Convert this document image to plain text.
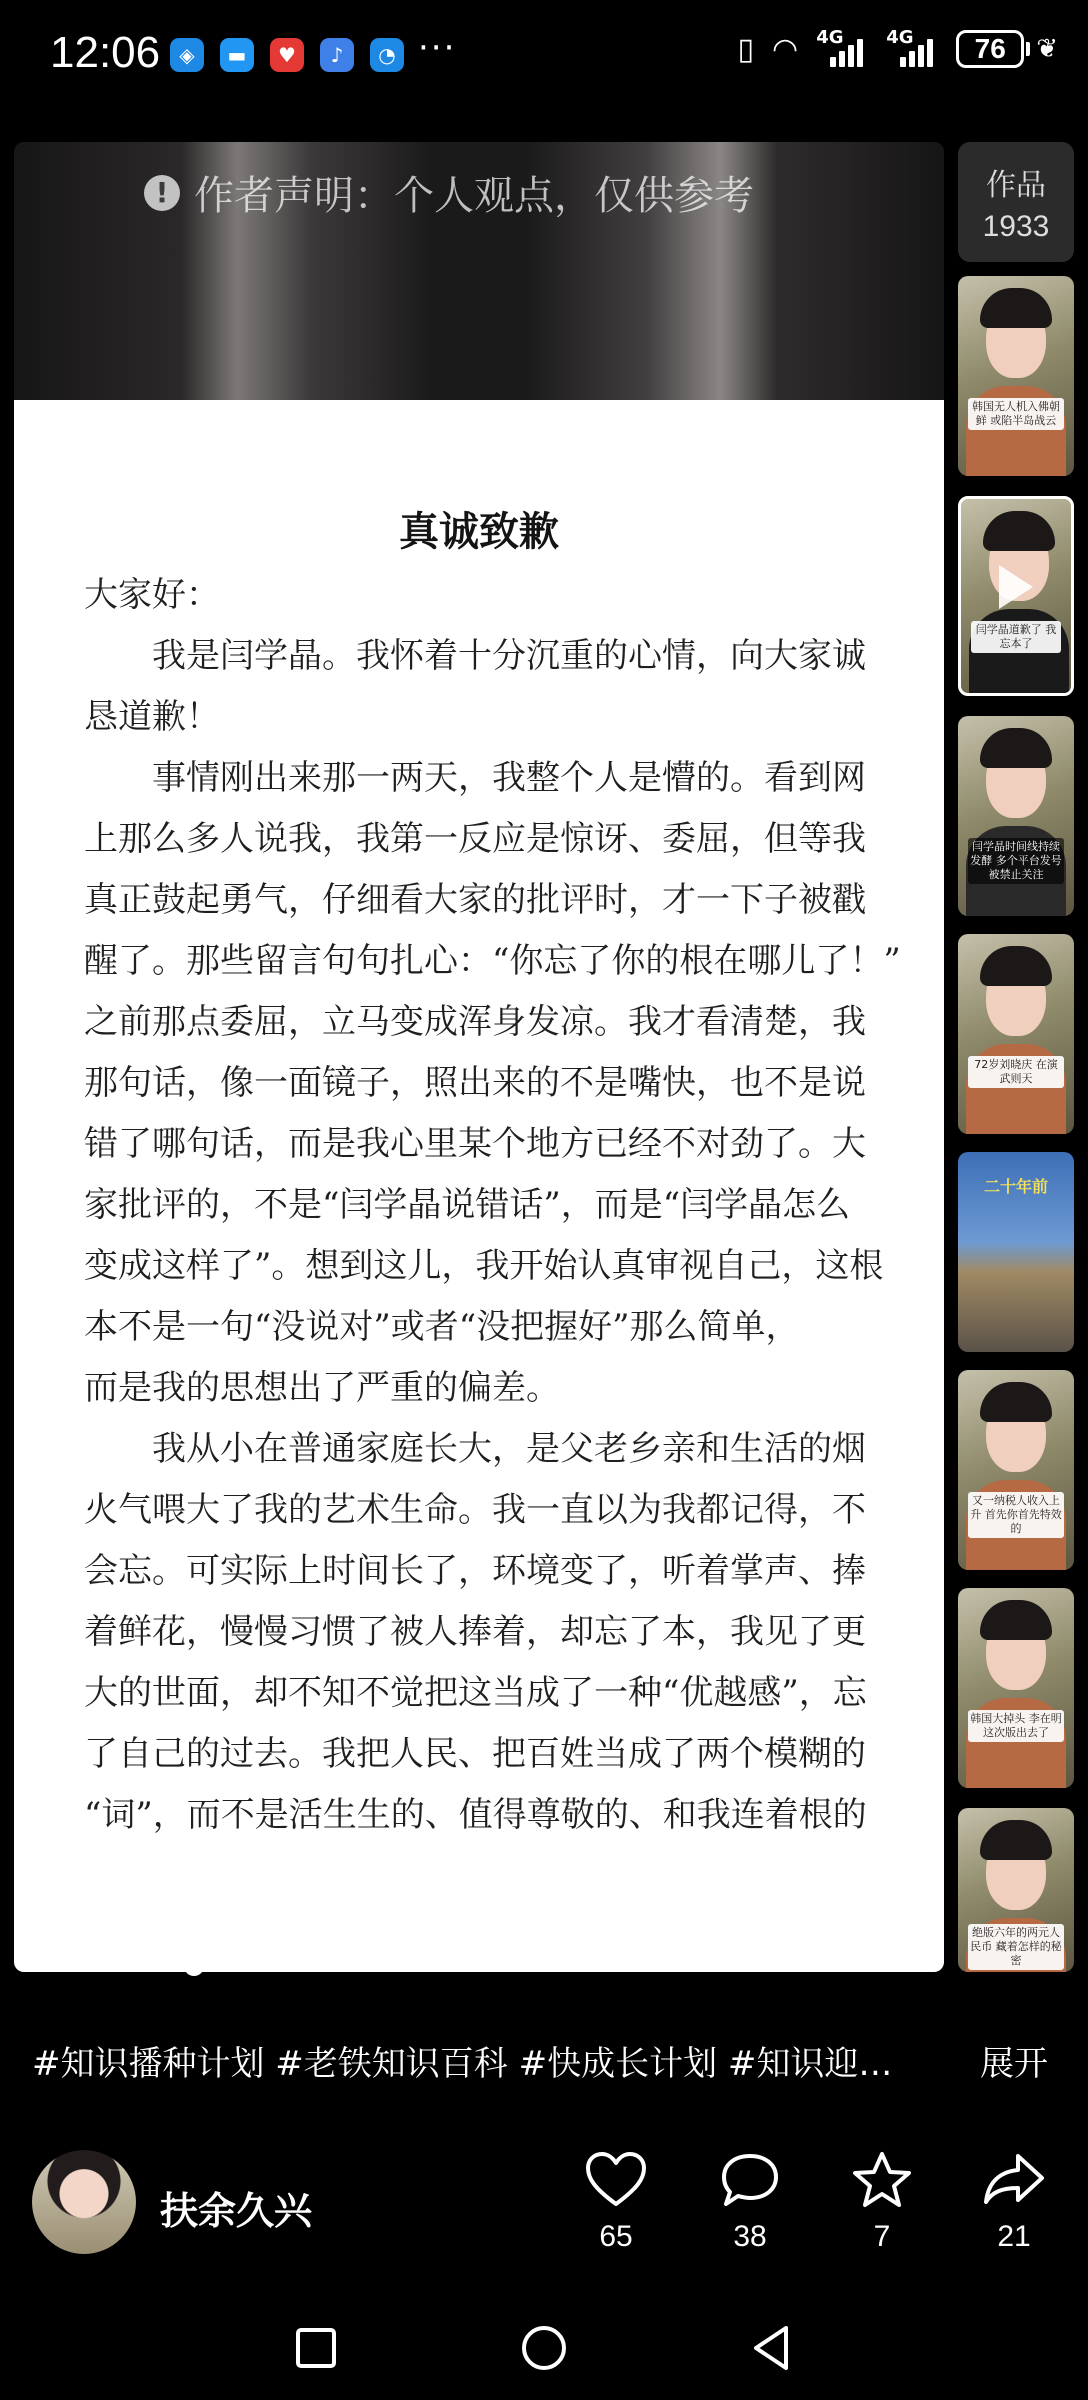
12:06 ◈	▬	♥	♪	◔ ···	▯ ◠ 4G 4G	76	❦
! 作者声明：个人观点，仅供参考
真诚致歉
大家好：
　　我是闫学晶。我怀着十分沉重的心情，向大家诚
恳道歉！
　　事情刚出来那一两天，我整个人是懵的。看到网
上那么多人说我，我第一反应是惊讶、委屈，但等我
真正鼓起勇气，仔细看大家的批评时，才一下子被戳
醒了。那些留言句句扎心：“你忘了你的根在哪儿了！”
之前那点委屈，立马变成浑身发凉。我才看清楚，我
那句话，像一面镜子，照出来的不是嘴快，也不是说
错了哪句话，而是我心里某个地方已经不对劲了。大
家批评的，不是“闫学晶说错话”，而是“闫学晶怎么
变成这样了”。想到这儿，我开始认真审视自己，这根
本不是一句“没说对”或者“没把握好”那么简单，
而是我的思想出了严重的偏差。
　　我从小在普通家庭长大，是父老乡亲和生活的烟
火气喂大了我的艺术生命。我一直以为我都记得，不
会忘。可实际上时间长了，环境变了，听着掌声、捧
着鲜花，慢慢习惯了被人捧着，却忘了本，我见了更
大的世面，却不知不觉把这当成了一种“优越感”，忘
了自己的过去。我把人民、把百姓当成了两个模糊的
“词”，而不是活生生的、值得尊敬的、和我连着根的
作品
1933
韩国无人机入佛朝鲜 或陷半岛战云
闫学晶道歉了 我忘本了
闫学晶时间线持续发酵 多个平台发号被禁止关注
72岁刘晓庆 在演武则天
二十年前
又一纳税人收入上升 首先你首先特效的
韩国大掉头 李在明 这次版出去了
绝版六年的两元人民币 藏着怎样的秘密
#知识播种计划 #老铁知识百科 #快成长计划 #知识迎…	展开
扶余久兴
65	38	7	21
